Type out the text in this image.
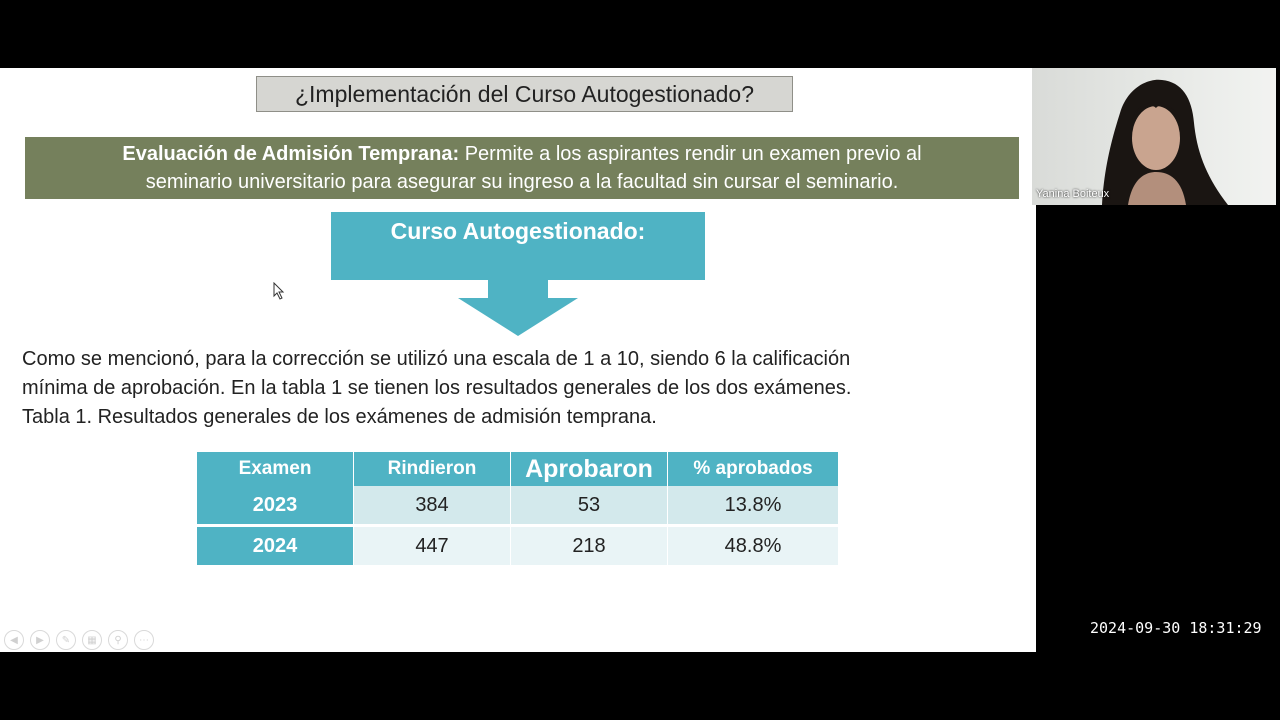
¿Implementación del Curso Autogestionado?
Evaluación de Admisión Temprana: Permite a los aspirantes rendir un examen previo al
seminario universitario para asegurar su ingreso a la facultad sin cursar el seminario.
Curso Autogestionado:

Como se mencionó, para la corrección se utilizó una escala de 1 a 10, siendo 6 la calificación

mínima de aprobación. En la tabla 1 se tienen los resultados generales de los dos exámenes.

Tabla 1. Resultados generales de los exámenes de admisión temprana.

Examen	Rindieron	Aprobaron	% aprobados
2023	384	53	13.8%
2024	447	218	48.8%
◀	▶	✎	▦	⚲	⋯
Yanina Boiteux
2024-09-30 18:31:29
